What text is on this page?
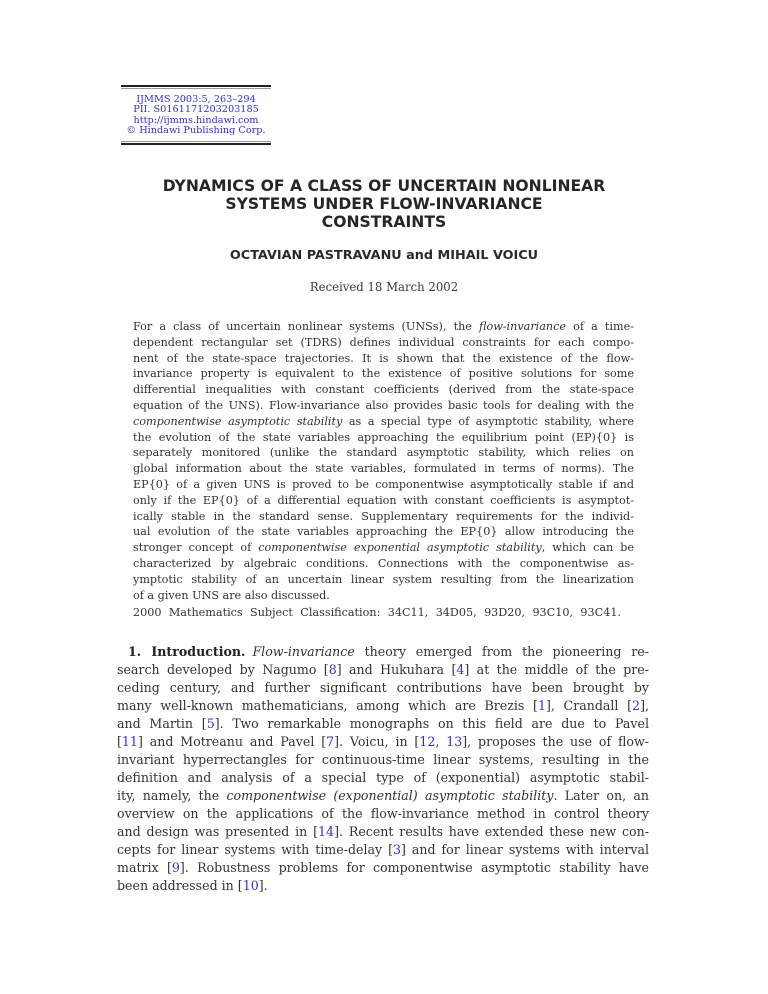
IJMMS 2003:5, 263–294
PII. S0161171203203185
http://ijmms.hindawi.com
© Hindawi Publishing Corp.
DYNAMICS OF A CLASS OF UNCERTAIN NONLINEAR
SYSTEMS UNDER FLOW-INVARIANCE
CONSTRAINTS
OCTAVIAN PASTRAVANU and MIHAIL VOICU
Received 18 March 2002
For a class of uncertain nonlinear systems (UNSs), the flow-invariance of a time-
dependent rectangular set (TDRS) defines individual constraints for each compo-
nent of the state-space trajectories. It is shown that the existence of the flow-
invariance property is equivalent to the existence of positive solutions for some
differential inequalities with constant coefficients (derived from the state-space
equation of the UNS). Flow-invariance also provides basic tools for dealing with the
componentwise asymptotic stability as a special type of asymptotic stability, where
the evolution of the state variables approaching the equilibrium point (EP){0} is
separately monitored (unlike the standard asymptotic stability, which relies on
global information about the state variables, formulated in terms of norms). The
EP{0} of a given UNS is proved to be componentwise asymptotically stable if and
only if the EP{0} of a differential equation with constant coefficients is asymptot-
ically stable in the standard sense. Supplementary requirements for the individ-
ual evolution of the state variables approaching the EP{0} allow introducing the
stronger concept of componentwise exponential asymptotic stability, which can be
characterized by algebraic conditions. Connections with the componentwise as-
ymptotic stability of an uncertain linear system resulting from the linearization
of a given UNS are also discussed.
2000 Mathematics Subject Classification: 34C11, 34D05, 93D20, 93C10, 93C41.
1. Introduction. Flow-invariance theory emerged from the pioneering re-
search developed by Nagumo [8] and Hukuhara [4] at the middle of the pre-
ceding century, and further significant contributions have been brought by
many well-known mathematicians, among which are Brezis [1], Crandall [2],
and Martin [5]. Two remarkable monographs on this field are due to Pavel
[11] and Motreanu and Pavel [7]. Voicu, in [12, 13], proposes the use of flow-
invariant hyperrectangles for continuous-time linear systems, resulting in the
definition and analysis of a special type of (exponential) asymptotic stabil-
ity, namely, the componentwise (exponential) asymptotic stability. Later on, an
overview on the applications of the flow-invariance method in control theory
and design was presented in [14]. Recent results have extended these new con-
cepts for linear systems with time-delay [3] and for linear systems with interval
matrix [9]. Robustness problems for componentwise asymptotic stability have
been addressed in [10].
